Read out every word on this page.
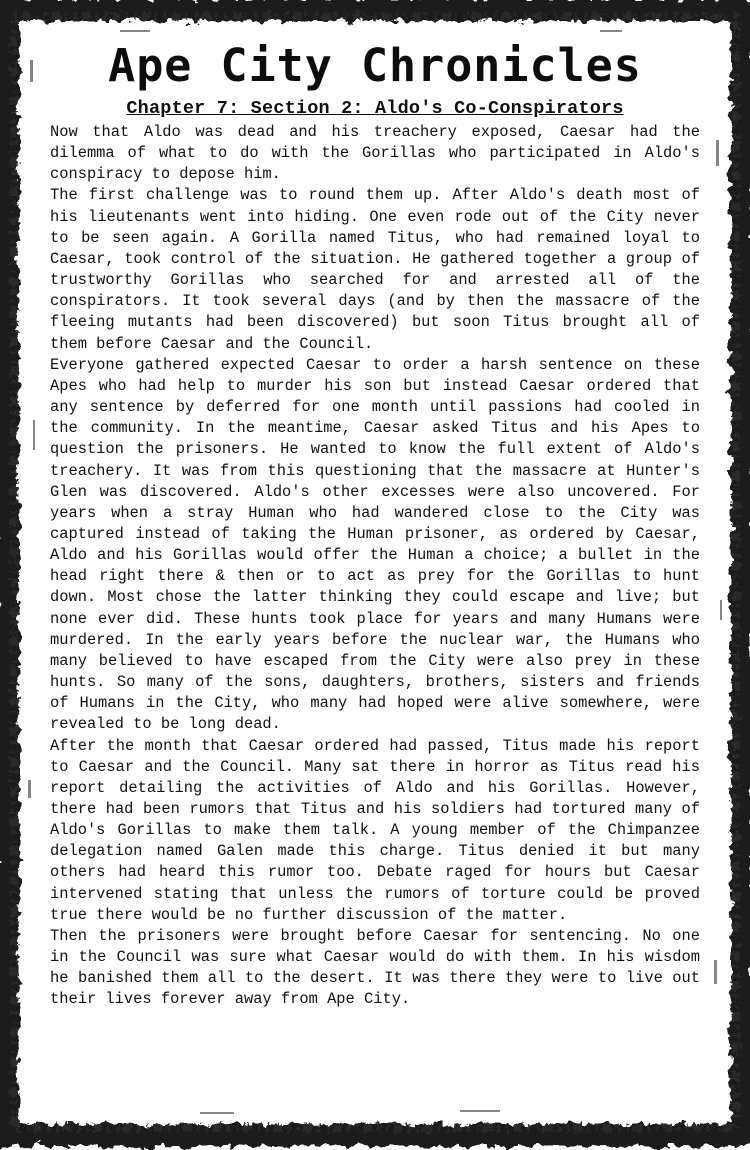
Ape City Chronicles
Chapter 7: Section 2: Aldo's Co-Conspirators

Now that Aldo was dead and his treachery exposed, Caesar had the dilemma of what to do with the Gorillas who participated in Aldo's conspiracy to depose him.

The first challenge was to round them up. After Aldo's death most of his lieutenants went into hiding. One even rode out of the City never to be seen again. A Gorilla named Titus, who had remained loyal to Caesar, took control of the situation. He gathered together a group of trustworthy Gorillas who searched for and arrested all of the conspirators. It took several days (and by then the massacre of the fleeing mutants had been discovered) but soon Titus brought all of them before Caesar and the Council.

Everyone gathered expected Caesar to order a harsh sentence on these Apes who had help to murder his son but instead Caesar ordered that any sentence by deferred for one month until passions had cooled in the community. In the meantime, Caesar asked Titus and his Apes to question the prisoners. He wanted to know the full extent of Aldo's treachery. It was from this questioning that the massacre at Hunter's Glen was discovered. Aldo's other excesses were also uncovered. For years when a stray Human who had wandered close to the City was captured instead of taking the Human prisoner, as ordered by Caesar, Aldo and his Gorillas would offer the Human a choice; a bullet in the head right there & then or to act as prey for the Gorillas to hunt down. Most chose the latter thinking they could escape and live; but none ever did. These hunts took place for years and many Humans were murdered. In the early years before the nuclear war, the Humans who many believed to have escaped from the City were also prey in these hunts. So many of the sons, daughters, brothers, sisters and friends of Humans in the City, who many had hoped were alive somewhere, were revealed to be long dead.

After the month that Caesar ordered had passed, Titus made his report to Caesar and the Council. Many sat there in horror as Titus read his report detailing the activities of Aldo and his Gorillas. However, there had been rumors that Titus and his soldiers had tortured many of Aldo's Gorillas to make them talk. A young member of the Chimpanzee delegation named Galen made this charge. Titus denied it but many others had heard this rumor too. Debate raged for hours but Caesar intervened stating that unless the rumors of torture could be proved true there would be no further discussion of the matter.

Then the prisoners were brought before Caesar for sentencing. No one in the Council was sure what Caesar would do with them. In his wisdom he banished them all to the desert. It was there they were to live out their lives forever away from Ape City.
